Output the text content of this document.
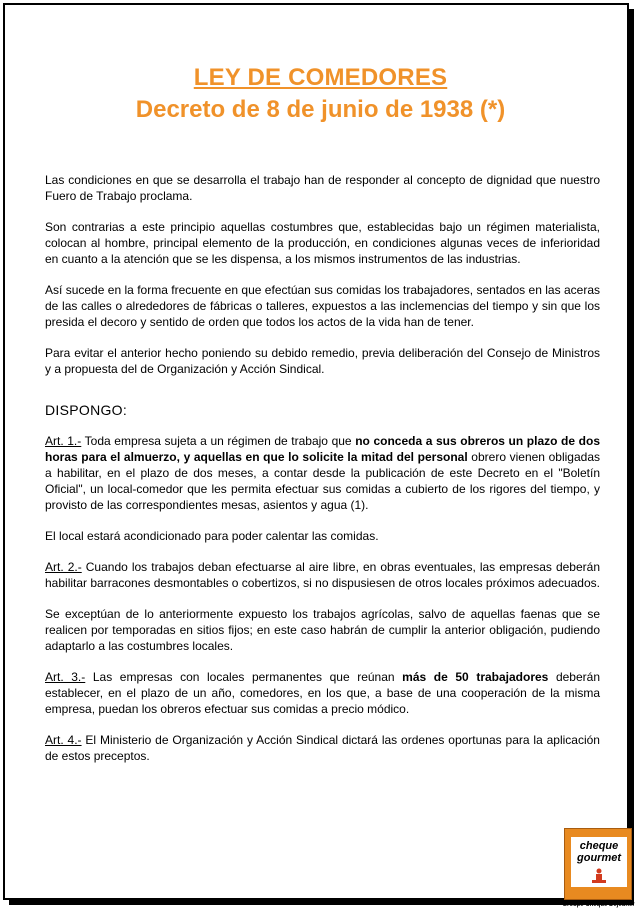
LEY DE COMEDORES
Decreto de 8 de junio de 1938 (*)

Las condiciones en que se desarrolla el trabajo han de responder al concepto de dignidad que nuestro Fuero de Trabajo proclama.

Son contrarias a este principio aquellas costumbres que, establecidas bajo un régimen materialista, colocan al hombre, principal elemento de la producción, en condiciones algunas veces de inferioridad en cuanto a la atención que se les dispensa, a los mismos instrumentos de las industrias.

Así sucede en la forma frecuente en que efectúan sus comidas los trabajadores, sentados en las aceras de las calles o alrededores de fábricas o talleres, expuestos a las inclemencias del tiempo y sin que los presida el decoro y sentido de orden que todos los actos de la vida han de tener.

Para evitar el anterior hecho poniendo su debido remedio, previa deliberación del Consejo de Ministros y a propuesta del de Organización y Acción Sindical.

DISPONGO:

Art. 1.- Toda empresa sujeta a un régimen de trabajo que no conceda a sus obreros un plazo de dos horas para el almuerzo, y aquellas en que lo solicite la mitad del personal obrero vienen obligadas a habilitar, en el plazo de dos meses, a contar desde la publicación de este Decreto en el "Boletín Oficial", un local-comedor que les permita efectuar sus comidas a cubierto de los rigores del tiempo, y provisto de las correspondientes mesas, asientos y agua (1).

El local estará acondicionado para poder calentar las comidas.

Art. 2.- Cuando los trabajos deban efectuarse al aire libre, en obras eventuales, las empresas deberán habilitar barracones desmontables o cobertizos, si no dispusiesen de otros locales próximos adecuados.

Se exceptúan de lo anteriormente expuesto los trabajos agrícolas, salvo de aquellas faenas que se realicen por temporadas en sitios fijos; en este caso habrán de cumplir la anterior obligación, pudiendo adaptarlo a las costumbres locales.

Art. 3.- Las empresas con locales permanentes que reúnan más de 50 trabajadores deberán establecer, en el plazo de un año, comedores, en los que, a base de una cooperación de la misma empresa, puedan los obreros efectuar sus comidas a precio módico.

Art. 4.- El Ministerio de Organización y Acción Sindical dictará las ordenes oportunas para la aplicación de estos preceptos.

cheque
gourmet
Groupe Chèque Déjeuner
